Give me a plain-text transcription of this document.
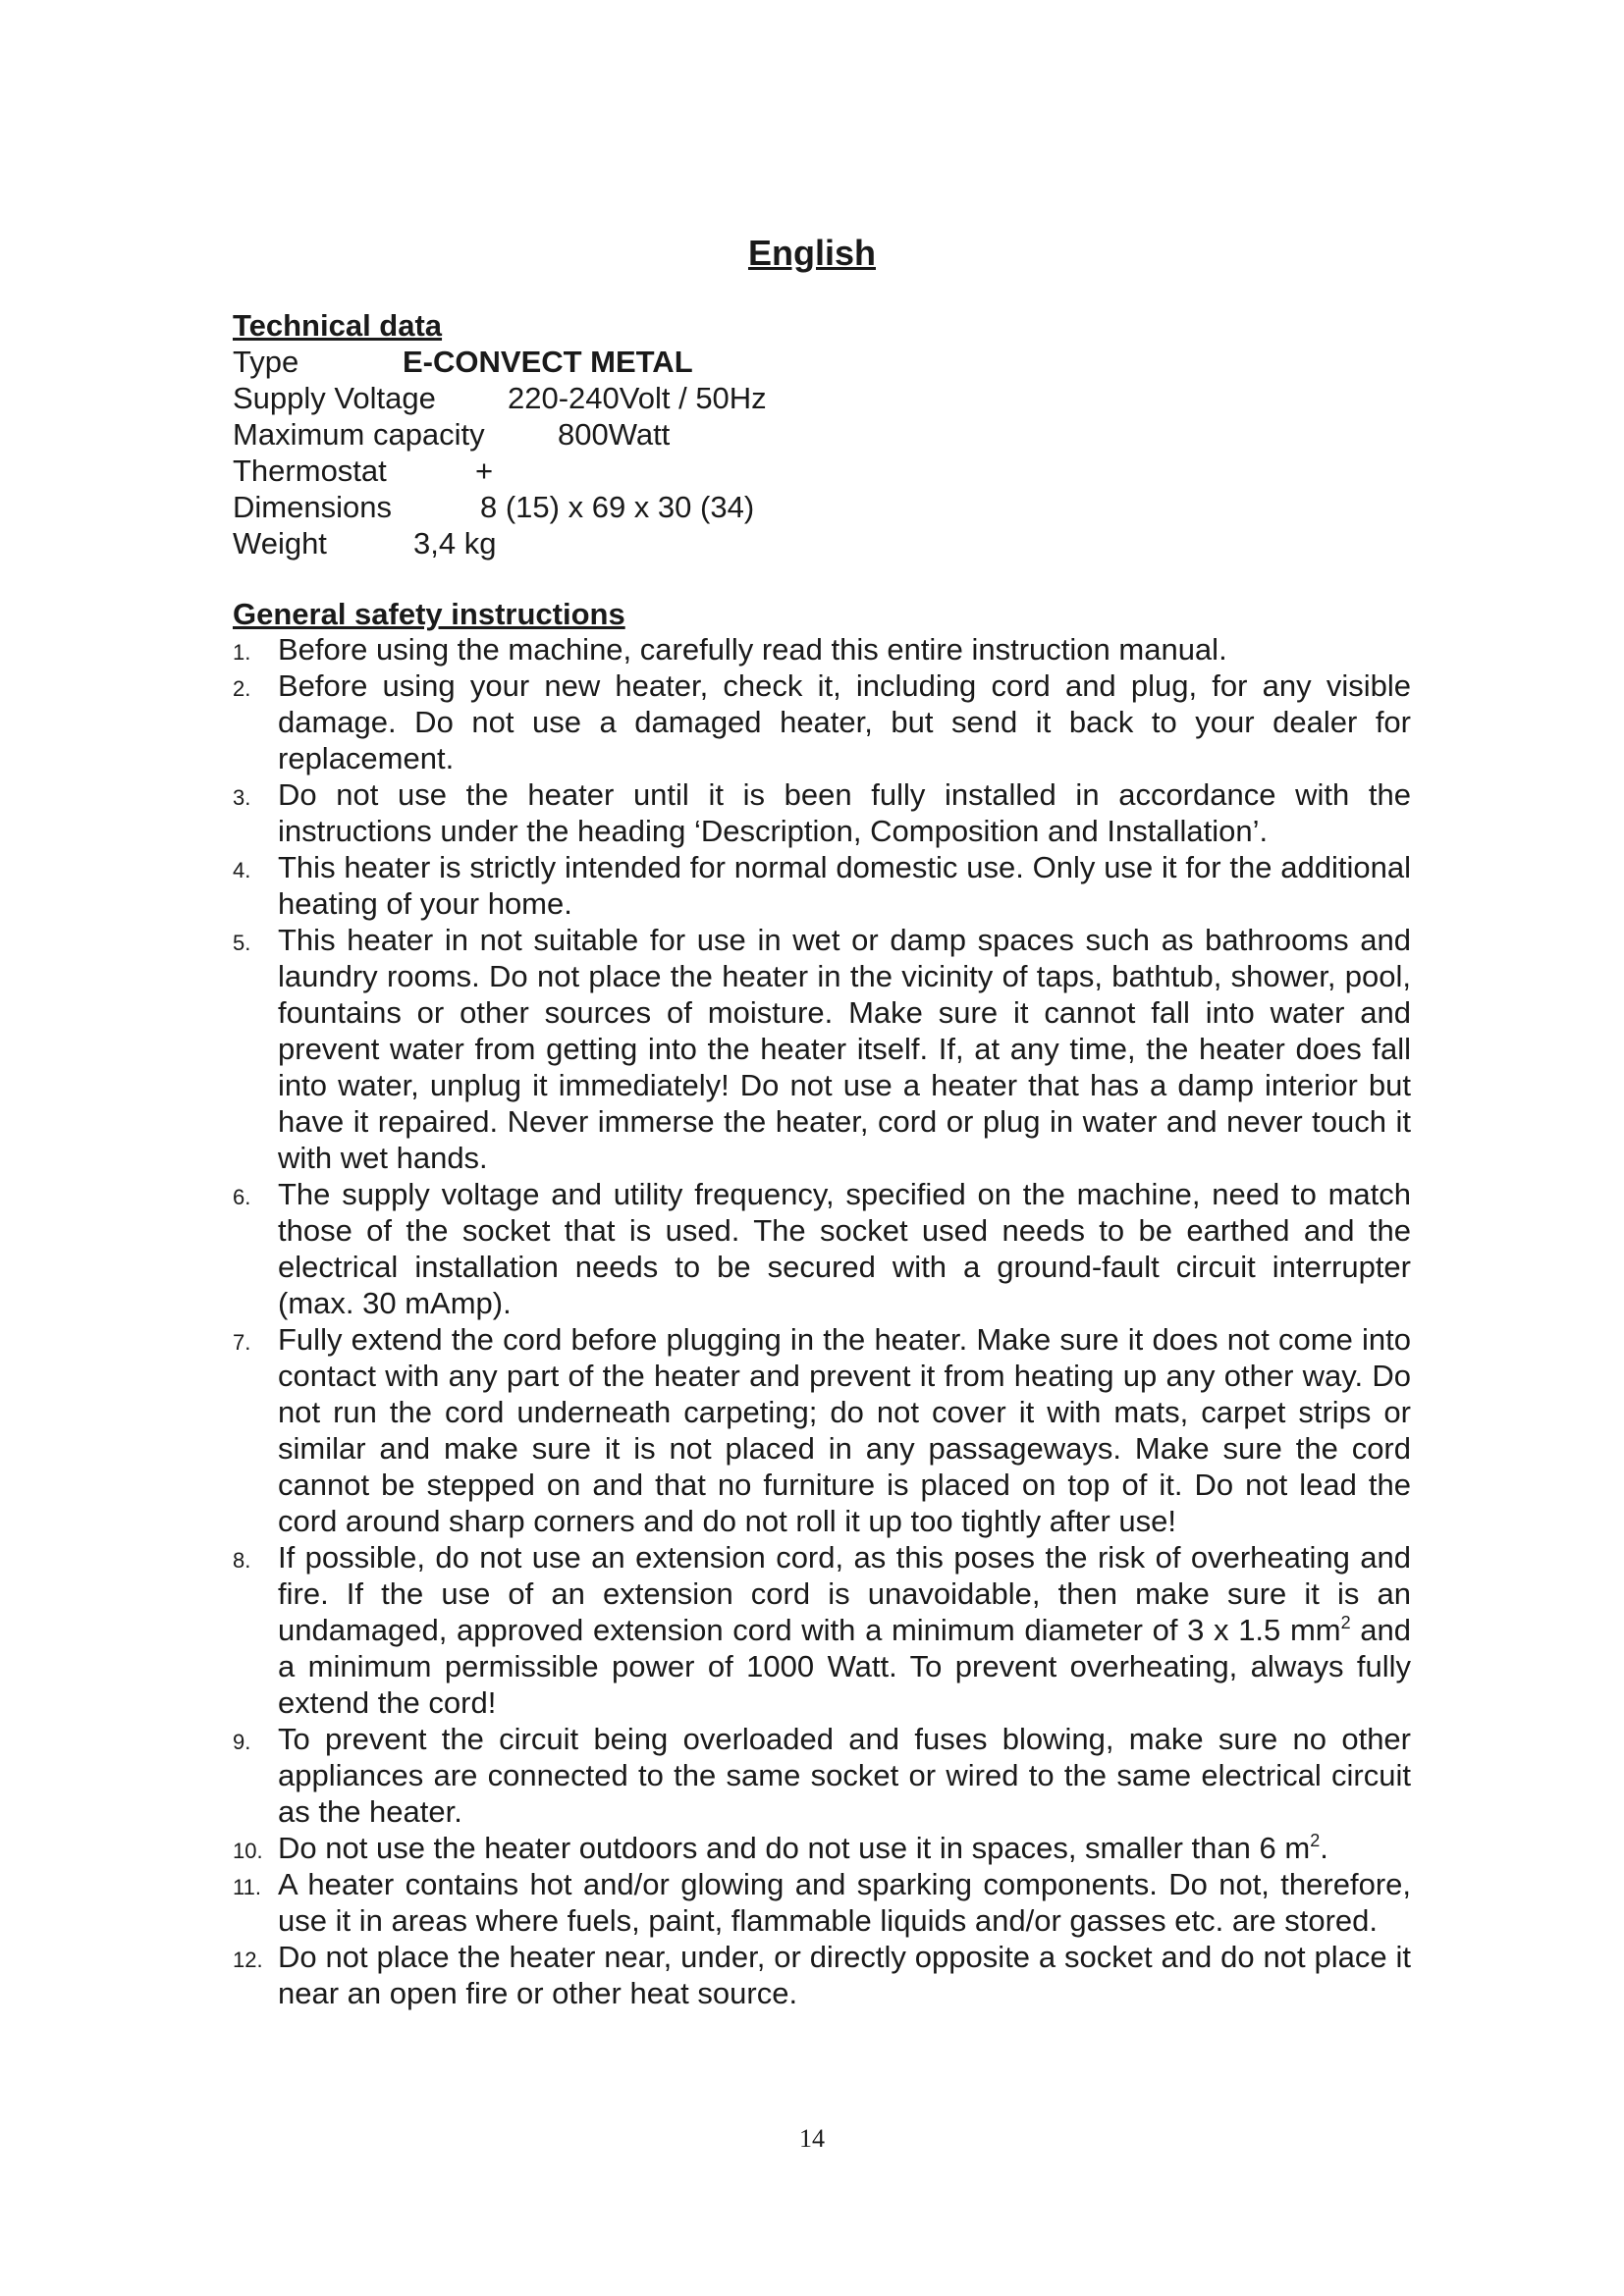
English
Technical data
Type	E-CONVECT METAL
Supply Voltage 220-240Volt / 50Hz
Maximum capacity 800Watt
Thermostat	+
Dimensions	8 (15) x 69 x 30 (34)
Weight	3,4 kg
General safety instructions
1. Before using the machine, carefully read this entire instruction manual.
2. Before using your new heater, check it, including cord and plug, for any visible damage. Do not use a damaged heater, but send it back to your dealer for replacement.
3. Do not use the heater until it is been fully installed in accordance with the instructions under the heading ‘Description, Composition and Installation’.
4. This heater is strictly intended for normal domestic use. Only use it for the additional heating of your home.
5. This heater in not suitable for use in wet or damp spaces such as bathrooms and laundry rooms. Do not place the heater in the vicinity of taps, bathtub, shower, pool, fountains or other sources of moisture. Make sure it cannot fall into water and prevent water from getting into the heater itself. If, at any time, the heater does fall into water, unplug it immediately! Do not use a heater that has a damp interior but have it repaired. Never immerse the heater, cord or plug in water and never touch it with wet hands.
6. The supply voltage and utility frequency, specified on the machine, need to match those of the socket that is used. The socket used needs to be earthed and the electrical installation needs to be secured with a ground-fault circuit interrupter (max. 30 mAmp).
7. Fully extend the cord before plugging in the heater. Make sure it does not come into contact with any part of the heater and prevent it from heating up any other way. Do not run the cord underneath carpeting; do not cover it with mats, carpet strips or similar and make sure it is not placed in any passageways. Make sure the cord cannot be stepped on and that no furniture is placed on top of it. Do not lead the cord around sharp corners and do not roll it up too tightly after use!
8. If possible, do not use an extension cord, as this poses the risk of overheating and fire. If the use of an extension cord is unavoidable, then make sure it is an undamaged, approved extension cord with a minimum diameter of 3 x 1.5 $mm^2$ and a minimum permissible power of 1000 Watt. To prevent overheating, always fully extend the cord!
9. To prevent the circuit being overloaded and fuses blowing, make sure no other appliances are connected to the same socket or wired to the same electrical circuit as the heater.
10. Do not use the heater outdoors and do not use it in spaces, smaller than 6 $m^2$.
11. A heater contains hot and/or glowing and sparking components. Do not, therefore, use it in areas where fuels, paint, flammable liquids and/or gasses etc. are stored.
12. Do not place the heater near, under, or directly opposite a socket and do not place it near an open fire or other heat source.
14
